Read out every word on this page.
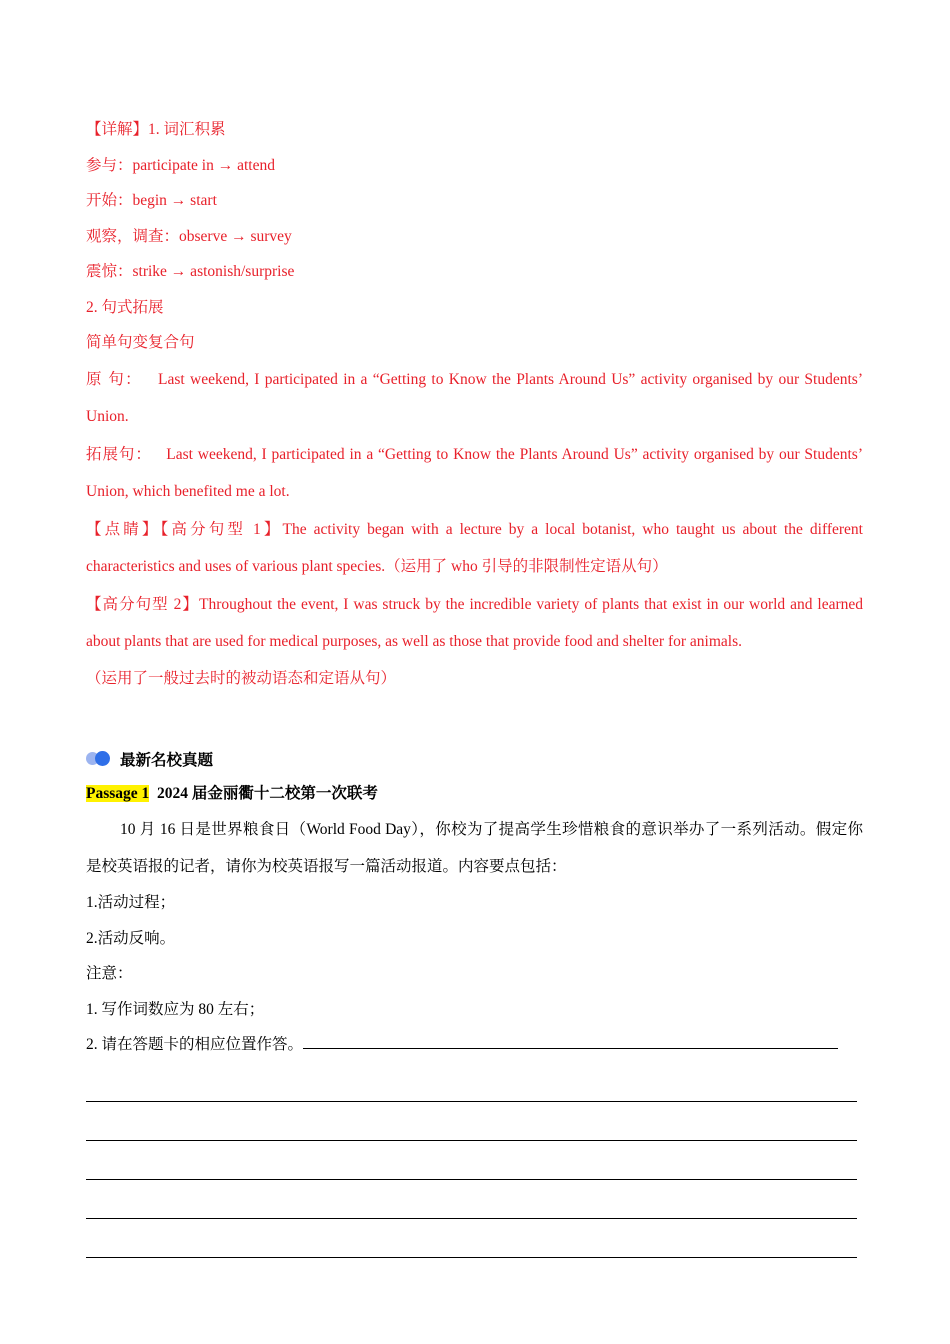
【详解】1. 词汇积累

参与：participate in → attend

开始：begin → start

观察，调查：observe → survey

震惊：strike → astonish/surprise

2. 句式拓展

简单句变复合句

原 句： Last weekend, I participated in a “Getting to Know the Plants Around Us” activity organised by our Students’ Union.

拓展句： Last weekend, I participated in a “Getting to Know the Plants Around Us” activity organised by our Students’ Union, which benefited me a lot.

【点睛】【高分句型 1】The activity began with a lecture by a local botanist, who taught us about the different characteristics and uses of various plant species.（运用了 who 引导的非限制性定语从句）

【高分句型 2】Throughout the event, I was struck by the incredible variety of plants that exist in our world and learned about plants that are used for medical purposes, as well as those that provide food and shelter for animals.

（运用了一般过去时的被动语态和定语从句）

最新名校真题

Passage 1 2024 届金丽衢十二校第一次联考

10 月 16 日是世界粮食日（World Food Day），你校为了提高学生珍惜粮食的意识举办了一系列活动。假定你是校英语报的记者，请你为校英语报写一篇活动报道。内容要点包括：

1.活动过程；

2.活动反响。

注意：

1. 写作词数应为 80 左右；

2. 请在答题卡的相应位置作答。
